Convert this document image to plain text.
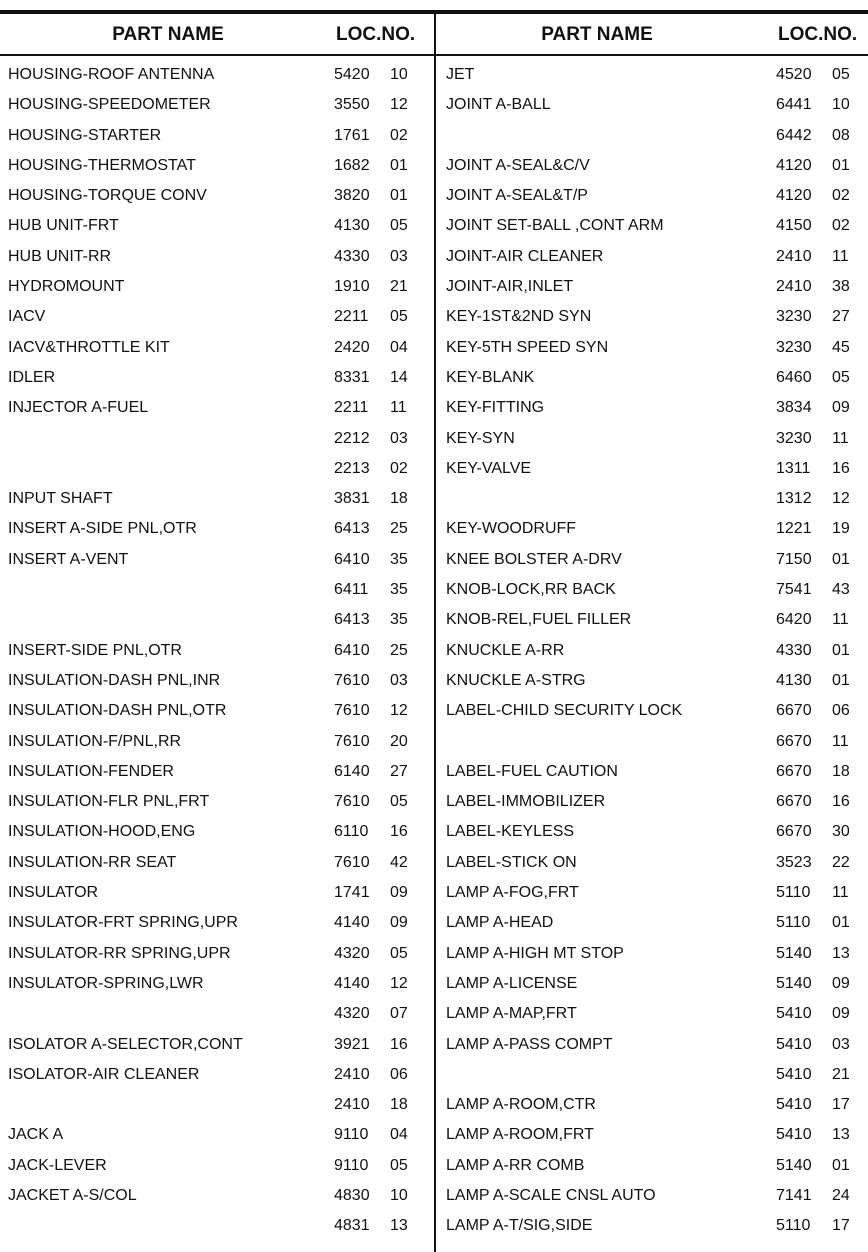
PART NAME	LOC.NO.
HOUSING-ROOF ANTENNA	5420 10
HOUSING-SPEEDOMETER	3550 12
HOUSING-STARTER	1761 02
HOUSING-THERMOSTAT	1682 01
HOUSING-TORQUE CONV	3820 01
HUB UNIT-FRT	4130 05
HUB UNIT-RR	4330 03
HYDROMOUNT	1910 21
IACV	2211 05
IACV&THROTTLE KIT	2420 04
IDLER	8331 14
INJECTOR A-FUEL	2211 11
2212 03
2213 02
INPUT SHAFT	3831 18
INSERT A-SIDE PNL,OTR	6413 25
INSERT A-VENT	6410 35
6411 35
6413 35
INSERT-SIDE PNL,OTR	6410 25
INSULATION-DASH PNL,INR	7610 03
INSULATION-DASH PNL,OTR	7610 12
INSULATION-F/PNL,RR	7610 20
INSULATION-FENDER	6140 27
INSULATION-FLR PNL,FRT	7610 05
INSULATION-HOOD,ENG	6110 16
INSULATION-RR SEAT	7610 42
INSULATOR	1741 09
INSULATOR-FRT SPRING,UPR	4140 09
INSULATOR-RR SPRING,UPR	4320 05
INSULATOR-SPRING,LWR	4140 12
4320 07
ISOLATOR A-SELECTOR,CONT	3921 16
ISOLATOR-AIR CLEANER	2410 06
2410 18
JACK A	9110 04
JACK-LEVER	9110 05
JACKET A-S/COL	4830 10
4831 13
PART NAME	LOC.NO.
JET	4520 05
JOINT A-BALL	6441 10
6442 08
JOINT A-SEAL&C/V	4120 01
JOINT A-SEAL&T/P	4120 02
JOINT SET-BALL ,CONT ARM	4150 02
JOINT-AIR CLEANER	2410 11
JOINT-AIR,INLET	2410 38
KEY-1ST&2ND SYN	3230 27
KEY-5TH SPEED SYN	3230 45
KEY-BLANK	6460 05
KEY-FITTING	3834 09
KEY-SYN	3230 11
KEY-VALVE	1311 16
1312 12
KEY-WOODRUFF	1221 19
KNEE BOLSTER A-DRV	7150 01
KNOB-LOCK,RR BACK	7541 43
KNOB-REL,FUEL FILLER	6420 11
KNUCKLE A-RR	4330 01
KNUCKLE A-STRG	4130 01
LABEL-CHILD SECURITY LOCK	6670 06
6670 11
LABEL-FUEL CAUTION	6670 18
LABEL-IMMOBILIZER	6670 16
LABEL-KEYLESS	6670 30
LABEL-STICK ON	3523 22
LAMP A-FOG,FRT	5110 11
LAMP A-HEAD	5110 01
LAMP A-HIGH MT STOP	5140 13
LAMP A-LICENSE	5140 09
LAMP A-MAP,FRT	5410 09
LAMP A-PASS COMPT	5410 03
5410 21
LAMP A-ROOM,CTR	5410 17
LAMP A-ROOM,FRT	5410 13
LAMP A-RR COMB	5140 01
LAMP A-SCALE CNSL AUTO	7141 24
LAMP A-T/SIG,SIDE	5110 17
